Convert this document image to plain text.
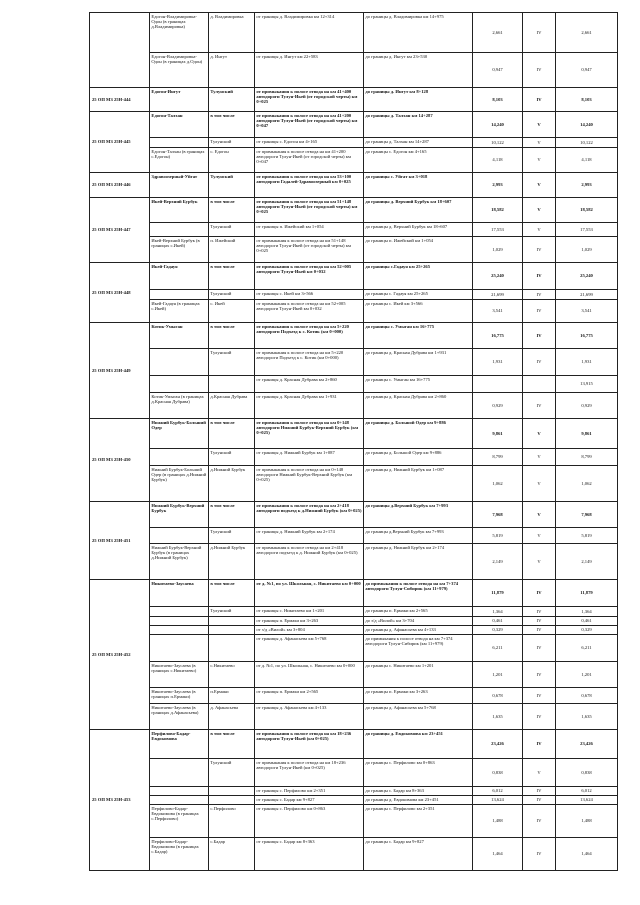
	Едогон-Владимировка-Одон (в границах д.Владимировка)	д. Владимировка	от границы д. Владимировка км 12+314	до границы д. Владимировка км 14+975	2,661	IV	2,661
	Едогон-Владимировка-Одон (в границах д.Одон)	д. Ингут	от границы д. Ингут км 22+583	до границы д. Ингут км 23+530	0,947	IV	0,947
25 ОП МЗ 25Н-444	Едогон-Ингут	Тулунский	от примыкания к полосе отвода на км 41+400 автодороги Тулун-Икей (от городской черты) км 0+025	до границы д. Ингут км 8+128	8,103	IV	8,103
25 ОП МЗ 25Н-445	Едогон-Талхан	в том числе	от примыкания к полосе отвода на км 41+200 автодороги Тулун-Икей (от городской черты) км 0+047	до границы д. Талхан км 14+287	14,240	V	14,240
		Тулунский	от границы с. Едогон км 4+165	до границы д. Талхан км 14+287	10,122	V	10,122
	Едогон-Талхан (в границах с.Едогон)	с. Едогон	от примыкания к полосе отвода на км 41+200 автодороги Тулун-Икей (от городской черты) км 0+047	до границы с. Едогон км 4+165	4,118	V	4,118
25 ОП МЗ 25Н-446	Здравоозерный-Уйгат	Тулунский	от примыкания к полосе отвода на км 53+100 автодороги Гадалей-Здравоозерный км 0+025	до границы с. Уйгат км 3+018	2,993	V	2,993
25 ОП МЗ 25Н-447	Икей-Верхний Бурбук	в том числе	от примыкания к полосе отвода на км 51+148 автодороги Тулун-Икей (от городской черты) км 0+025	до границы д. Верхний Бурбук км 18+607	18,582	V	18,582
		Тулунский	от границы п. Ижейский км 1+054	до границы д. Верхний Бурбук км 18+607	17,553	V	17,553
	Икей-Верхний Бурбук (в границах с.Икей)	п. Ижейский	от примыкания к полосе отвода на км 51+148 автодороги Тулун-Икей (от городской черты) км 0+025	до границы п. Ижейский км 1+054	1,029	IV	1,029
25 ОП МЗ 25Н-448	Икей-Гадауя	в том числе	от примыкания к полосе отвода на км 52+005 автодороги Тулун-Икей км 0+032	до границы с.Гадауя км 25+265	25,240	IV	25,240
		Тулунский	от границы с. Икей км 3+566	до границы с. Гадауя км 25+265	21,699	IV	21,699
	Икей-Гадауя (в границах с.Икей)	с. Икей	от примыкания к полосе отвода на км 52+005 автодороги Тулун-Икей км 0+032	до границы с. Икей км 3+566	3,541	IV	3,541
25 ОП МЗ 25Н-449	Котик-Умыган	в том числе	от примыкания к полосе отвода на км 5+220 автодороги Подъезд к с. Котик (км 0+000)	до границы с. Умыган км 16+775	16,775	IV	16,775
		Тулунский	от примыкания к полосе отвода на км 5+220 автодороги Подъезд к с. Котик (км 0+000)	до границы д. Красная Дубрава км 1+931	1,931	IV	1,931
			от границы д. Красная Дубрава км 2+860	до границы с. Умыган км 16+775			13,915
	Котик-Умыган (в границах д.Красная Дубрава)	д.Красная Дубрава	от границы д. Красная Дубрава км 1+931	до границы д. Красная Дубрава км 2+860	0,929	IV	0,929
25 ОП МЗ 25Н-450	Нижний Бурбук-Больший Одер	в том числе	от примыкания к полосе отвода на км 0+148 автодороги Нижний Бурбук-Верхний Бурбук (км 0+025)	до границы д. Большой Одер км 9+886	9,861	V	9,861
		Тулунский	от границы д. Нижний Бурбук км 1+087	до границы д. Большой Одер км 9+886	8,799	V	8,799
	Нижний Бурбук-Больший Одер (в границах д.Нижний Бурбук)	д.Нижний Бурбук	от примыкания к полосе отвода на км 0+148 автодороги Нижний Бурбук-Верхний Бурбук (км 0+025)	до границы д. Нижний Бурбук км 1+087	1,062	V	1,062
25 ОП МЗ 25Н-451	Нижний Бурбук-Верхний Бурбук	в том числе	от примыкания к полосе отвода на км 2+418 автодороги подъезд к д.Нижний Бурбук (км 0+025)	до границы д.Верхний Бурбук км 7+993	7,968	V	7,968
		Тулунский	от границы д. Нижний Бурбук км 2+174	до границы д.Верхний Бурбук км 7+993	5,819	V	5,819
	Нижний Бурбук-Верхний Бурбук (в границах д.Нижний Бурбук)	д.Нижний Бурбук	от примыкания к полосе отвода на км 2+418 автодороги подъезд к д. Нижний Бурбук (км 0+025)	до границы д. Нижний Бурбук км 2+174	2,149	V	2,149
25 ОП МЗ 25Н-452	Никитаево-Заусаева	в том числе	от д. №1, по ул. Школьная, с. Никитаево км 0+000	до примыкания к полосе отвода на км 7+374 автодороги Тулун-Сибирик (км 11+979)	11,879	IV	11,879
		Тулунский	от границы с. Никитаево км 1+201	до границы п. Ермаки км 2+565	1,364	IV	1,364
			от границы п. Ермаки км 3+263	до з/д «Вилой» км 3+704	0,461	IV	0,461
			от з/д «Вилой» км 3+804	до границы д. Афанасьева км 4+133	0,329	IV	0,329
			от границы д. Афанасьева км 5+768	до примыкания к полосе отвода на км 7+374 автодороги Тулун-Сибирик (км 11+979)	6,211	IV	6,211
	Никитаево-Заусаева (в границах с.Никитаево)	с.Никитаево	от д. №1, по ул. Школьная, с. Никитаево км 0+000	до границы с. Никитаево км 1+201	1,201	IV	1,201
	Никитаево-Заусаева (в границах п.Ермаки)	п.Ермаки	от границы п. Ермаки км 2+565	до границы п. Ермаки км 3+263	0,678	IV	0,678
	Никитаево-Заусаева (в границах д.Афанасьева)	д. Афанасьева	от границы д. Афанасьева км 4+133	до границы д. Афанасьева км 5+768	1,635	IV	1,635
25 ОП МЗ 25Н-453	Перфилово-Бадар-Евдокимова	в том числе	от примыкания к полосе отвода на км 18+236 автодороги Тулун-Икей (км 0+025)	до границы д. Евдокимова км 23+451	23,426	IV	23,426
		Тулунский	от примыкания к полосе отвода на км 18+236 автодороги Тулун-Икей (км 0+025)	до границы с. Перфилово км 0+863	0,838	V	0,838
			от границы с. Перфилово км 2+351	до границы с. Бадар км 8+363	6,012	IV	6,012
			от границы с. Бадар км 9+827	до границы д. Евдокимова км 23+451	13,624	IV	13,624
	Перфилово-Бадар-Евдокимова (в границах с.Перфилово)	с.Перфилово	от границы с. Перфилово км 0+863	до границы с. Перфилово км 2+351	1,488	IV	1,488
	Перфилово-Бадар-Евдокимова (в границах с.Бадар)	с.Бадар	от границы с. Бадар км 8+363	до границы с. Бадар км 9+827	1,464	IV	1,464
